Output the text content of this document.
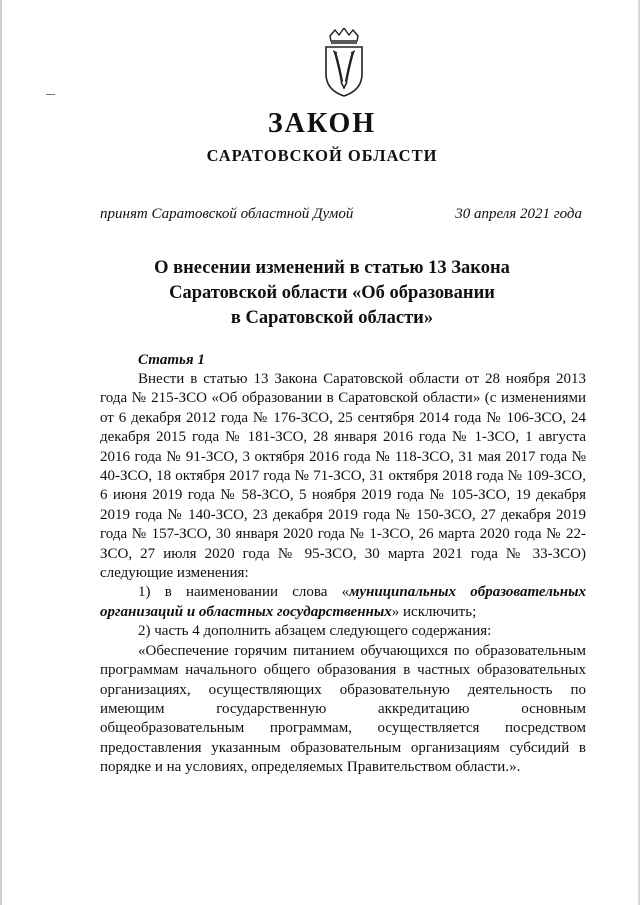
ЗАКОН
САРАТОВСКОЙ ОБЛАСТИ
принят Саратовской областной Думой	30 апреля 2021 года
О внесении изменений в статью 13 Закона
Саратовской области «Об образовании
в Саратовской области»
Статья 1

Внести в статью 13 Закона Саратовской области от 28 ноября 2013 года № 215-ЗСО «Об образовании в Саратовской области» (с изменениями от 6 декабря 2012 года № 176-ЗСО, 25 сентября 2014 года № 106-ЗСО, 24 декабря 2015 года № 181-ЗСО, 28 января 2016 года № 1-ЗСО, 1 августа 2016 года № 91-ЗСО, 3 октября 2016 года № 118-ЗСО, 31 мая 2017 года № 40-ЗСО, 18 октября 2017 года № 71-ЗСО, 31 октября 2018 года № 109-ЗСО, 6 июня 2019 года № 58-ЗСО, 5 ноября 2019 года № 105-ЗСО, 19 декабря 2019 года № 140-ЗСО, 23 декабря 2019 года № 150-ЗСО, 27 декабря 2019 года № 157-ЗСО, 30 января 2020 года № 1-ЗСО, 26 марта 2020 года № 22-ЗСО, 27 июля 2020 года № 95-ЗСО, 30 марта 2021 года № 33-ЗСО) следующие изменения:

1) в наименовании слова «муниципальных образовательных организаций и областных государственных» исключить;

2) часть 4 дополнить абзацем следующего содержания:

«Обеспечение горячим питанием обучающихся по образовательным программам начального общего образования в частных образовательных организациях, осуществляющих образовательную деятельность по имеющим государственную аккредитацию основным общеобразовательным программам, осуществляется посредством предоставления указанным образовательным организациям субсидий в порядке и на условиях, определяемых Правительством области.».
